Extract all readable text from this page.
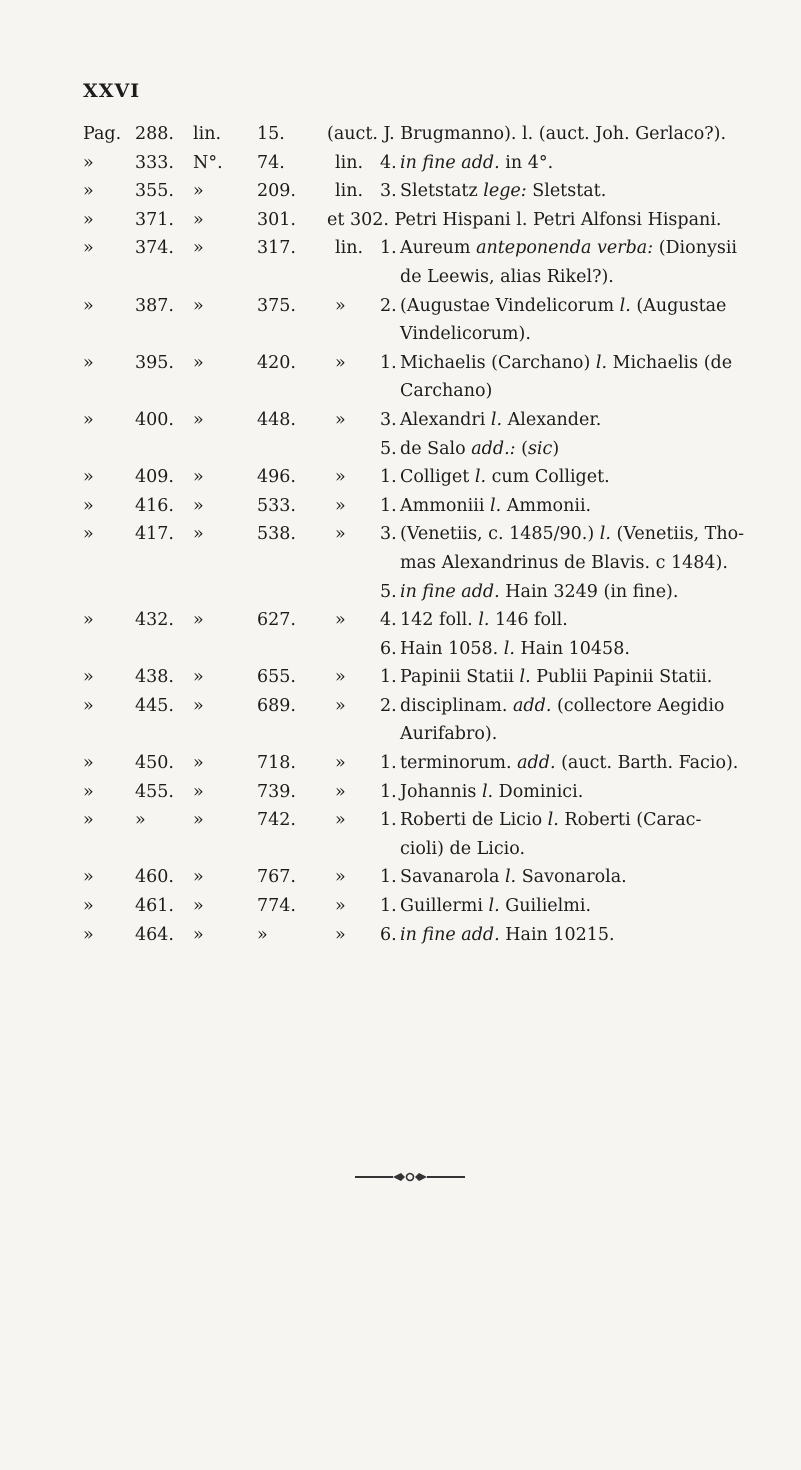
XXVI
Pag. 288. lin. 15. (auct. J. Brugmanno). l. (auct. Joh. Gerlaco?).
» 333. N°. 74.	lin. 4. in fine add. in 4°.
» 355. »	209. lin. 3. Sletstatz lege: Sletstat.
» 371. »	301. et 302. Petri Hispani l. Petri Alfonsi Hispani.
» 374. »	317. lin. 1. Aureum anteponenda verba: (Dionysii
de Leewis, alias Rikel?).
» 387. »	375. » 2. (Augustae Vindelicorum l. (Augustae
Vindelicorum).
» 395. »	420. » 1. Michaelis (Carchano) l. Michaelis (de
Carchano)
» 400. »	448. » 3. Alexandri l. Alexander.
5. de Salo add.: (sic)
» 409. »	496. » 1. Colliget l. cum Colliget.
» 416. »	533. » 1. Ammoniii l. Ammonii.
» 417. »	538. » 3. (Venetiis, c. 1485/90.) l. (Venetiis, Tho-
mas Alexandrinus de Blavis. c 1484).
5. in fine add. Hain 3249 (in fine).
» 432. »	627. » 4. 142 foll. l. 146 foll.
6. Hain 1058. l. Hain 10458.
» 438. »	655. » 1. Papinii Statii l. Publii Papinii Statii.
» 445. »	689. » 2. disciplinam. add. (collectore Aegidio
Aurifabro).
» 450. »	718. » 1. terminorum. add. (auct. Barth. Facio).
» 455. »	739. » 1. Johannis l. Dominici.
» »	»	742. » 1. Roberti de Licio l. Roberti (Carac-
cioli) de Licio.
» 460. »	767. » 1. Savanarola l. Savonarola.
» 461. »	774. » 1. Guillermi l. Guilielmi.
» 464. »	»	» 6. in fine add. Hain 10215.
